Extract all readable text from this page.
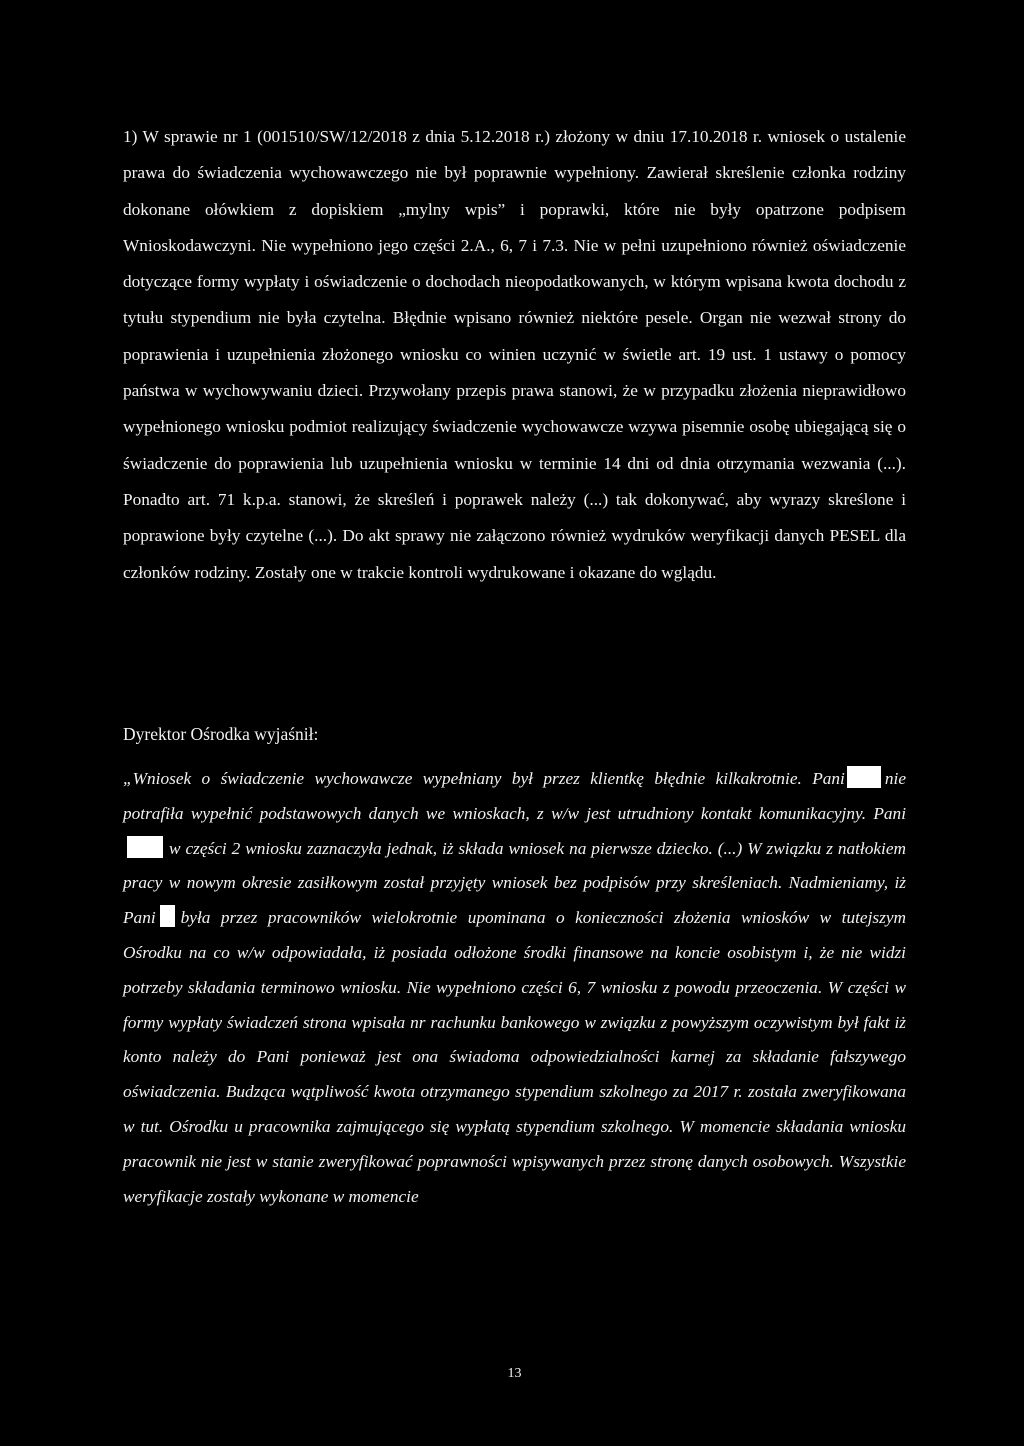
1) W sprawie nr 1 (001510/SW/12/2018 z dnia 5.12.2018 r.) złożony w dniu 17.10.2018 r. wniosek o ustalenie prawa do świadczenia wychowawczego nie był poprawnie wypełniony. Zawierał skreślenie członka rodziny dokonane ołówkiem z dopiskiem „mylny wpis” i poprawki, które nie były opatrzone podpisem Wnioskodawczyni. Nie wypełniono jego części 2.A., 6, 7 i 7.3. Nie w pełni uzupełniono również oświadczenie dotyczące formy wypłaty i oświadczenie o dochodach nieopodatkowanych, w którym wpisana kwota dochodu z tytułu stypendium nie była czytelna. Błędnie wpisano również niektóre pesele. Organ nie wezwał strony do poprawienia i uzupełnienia złożonego wniosku co winien uczynić w świetle art. 19 ust. 1 ustawy o pomocy państwa w wychowywaniu dzieci. Przywołany przepis prawa stanowi, że w przypadku złożenia nieprawidłowo wypełnionego wniosku podmiot realizujący świadczenie wychowawcze wzywa pisemnie osobę ubiegającą się o świadczenie do poprawienia lub uzupełnienia wniosku w terminie 14 dni od dnia otrzymania wezwania (...). Ponadto art. 71 k.p.a. stanowi, że skreśleń i poprawek należy (...) tak dokonywać, aby wyrazy skreślone i poprawione były czytelne (...). Do akt sprawy nie załączono również wydruków weryfikacji danych PESEL dla członków rodziny. Zostały one w trakcie kontroli wydrukowane i okazane do wglądu.

Dyrektor Ośrodka wyjaśnił:

„Wniosek o świadczenie wychowawcze wypełniany był przez klientkę błędnie kilkakrotnie. Pani nie potrafiła wypełnić podstawowych danych we wnioskach, z w/w jest utrudniony kontakt komunikacyjny. Paniw części 2 wniosku zaznaczyła jednak, iż składa wniosek na pierwsze dziecko. (...) W związku z natłokiem pracy w nowym okresie zasiłkowym został przyjęty wniosek bez podpisów przy skreśleniach. Nadmieniamy, iż Pani była przez pracowników wielokrotnie upominana o konieczności złożenia wniosków w tutejszym Ośrodku na co w/w odpowiadała, iż posiada odłożone środki finansowe na koncie osobistym i, że nie widzi potrzeby składania terminowo wniosku. Nie wypełniono części 6, 7 wniosku z powodu przeoczenia. W części w formy wypłaty świadczeń strona wpisała nr rachunku bankowego w związku z powyższym oczywistym był fakt iż konto należy do Pani ponieważ jest ona świadoma odpowiedzialności karnej za składanie fałszywego oświadczenia. Budząca wątpliwość kwota otrzymanego stypendium szkolnego za 2017 r. została zweryfikowana w tut. Ośrodku u pracownika zajmującego się wypłatą stypendium szkolnego. W momencie składania wniosku pracownik nie jest w stanie zweryfikować poprawności wpisywanych przez stronę danych osobowych. Wszystkie weryfikacje zostały wykonane w momencie

13
